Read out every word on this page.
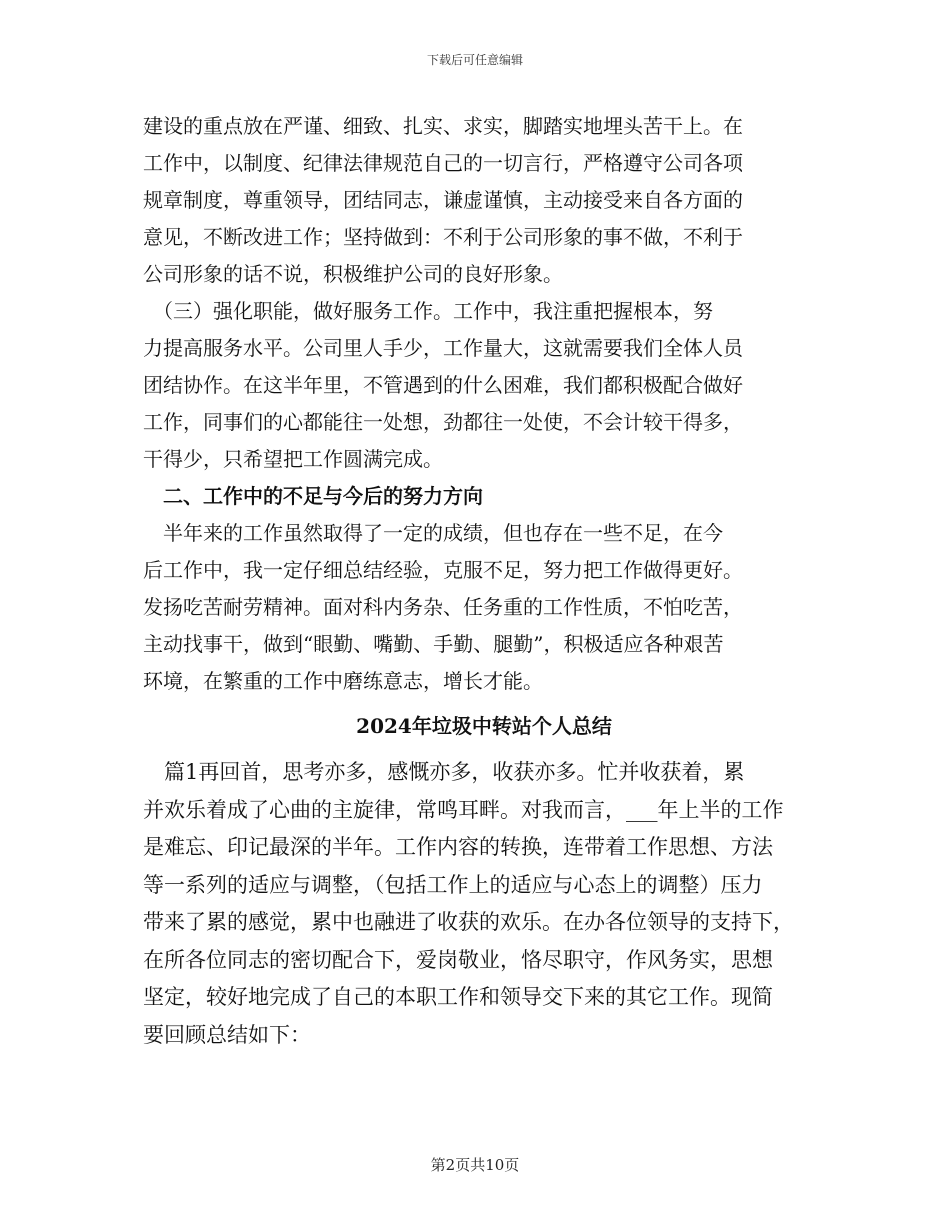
下载后可任意编辑
建设的重点放在严谨、细致、扎实、求实，脚踏实地埋头苦干上。在
工作中，以制度、纪律法律规范自己的一切言行，严格遵守公司各项
规章制度，尊重领导，团结同志，谦虚谨慎，主动接受来自各方面的
意见，不断改进工作；坚持做到：不利于公司形象的事不做，不利于
公司形象的话不说，积极维护公司的良好形象。
　（三）强化职能，做好服务工作。工作中，我注重把握根本，努
力提高服务水平。公司里人手少，工作量大，这就需要我们全体人员
团结协作。在这半年里，不管遇到的什么困难，我们都积极配合做好
工作，同事们的心都能往一处想，劲都往一处使，不会计较干得多，
干得少，只希望把工作圆满完成。
　二、工作中的不足与今后的努力方向
　半年来的工作虽然取得了一定的成绩，但也存在一些不足，在今
后工作中，我一定仔细总结经验，克服不足，努力把工作做得更好。
发扬吃苦耐劳精神。面对科内务杂、任务重的工作性质，不怕吃苦，
主动找事干，做到“眼勤、嘴勤、手勤、腿勤”，积极适应各种艰苦
环境，在繁重的工作中磨练意志，增长才能。
2024年垃圾中转站个人总结
　篇1再回首，思考亦多，感慨亦多，收获亦多。忙并收获着，累
并欢乐着成了心曲的主旋律，常鸣耳畔。对我而言，___年上半的工作
是难忘、印记最深的半年。工作内容的转换，连带着工作思想、方法
等一系列的适应与调整，（包括工作上的适应与心态上的调整）压力
带来了累的感觉，累中也融进了收获的欢乐。在办各位领导的支持下，
在所各位同志的密切配合下，爱岗敬业，恪尽职守，作风务实，思想
坚定，较好地完成了自己的本职工作和领导交下来的其它工作。现简
要回顾总结如下：
第2页共10页
